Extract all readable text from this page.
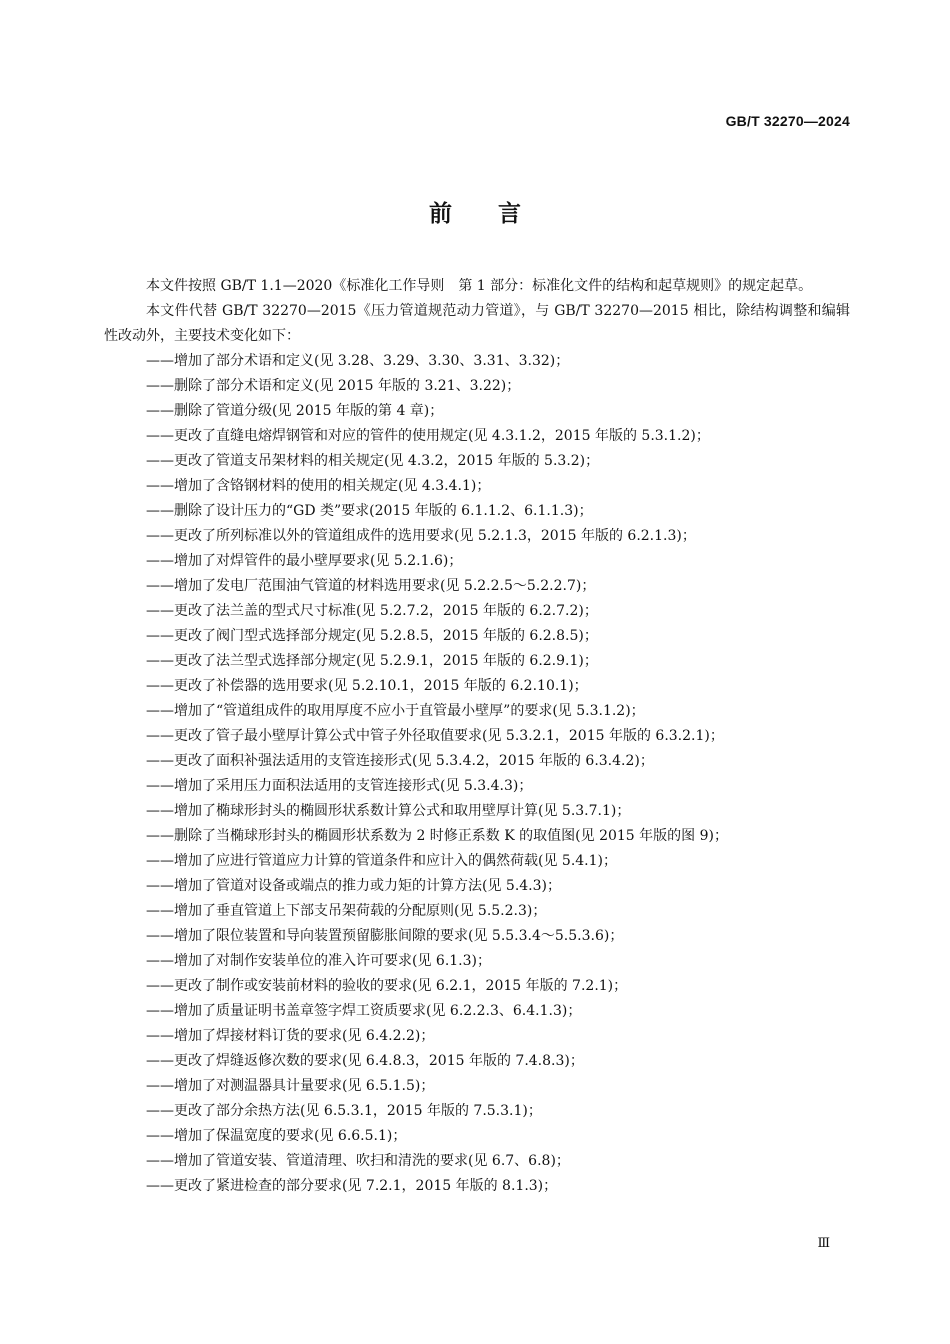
GB/T 32270—2024
前言

本文件按照 GB/T 1.1—2020《标准化工作导则　第 1 部分：标准化文件的结构和起草规则》的规定起草。

本文件代替 GB/T 32270—2015《压力管道规范动力管道》，与 GB/T 32270—2015 相比，除结构调整和编辑性改动外，主要技术变化如下：

——增加了部分术语和定义(见 3.28、3.29、3.30、3.31、3.32)；

——删除了部分术语和定义(见 2015 年版的 3.21、3.22)；

——删除了管道分级(见 2015 年版的第 4 章)；

——更改了直缝电熔焊钢管和对应的管件的使用规定(见 4.3.1.2，2015 年版的 5.3.1.2)；

——更改了管道支吊架材料的相关规定(见 4.3.2，2015 年版的 5.3.2)；

——增加了含铬钢材料的使用的相关规定(见 4.3.4.1)；

——删除了设计压力的“GD 类”要求(2015 年版的 6.1.1.2、6.1.1.3)；

——更改了所列标准以外的管道组成件的选用要求(见 5.2.1.3，2015 年版的 6.2.1.3)；

——增加了对焊管件的最小壁厚要求(见 5.2.1.6)；

——增加了发电厂范围油气管道的材料选用要求(见 5.2.2.5～5.2.2.7)；

——更改了法兰盖的型式尺寸标准(见 5.2.7.2，2015 年版的 6.2.7.2)；

——更改了阀门型式选择部分规定(见 5.2.8.5，2015 年版的 6.2.8.5)；

——更改了法兰型式选择部分规定(见 5.2.9.1，2015 年版的 6.2.9.1)；

——更改了补偿器的选用要求(见 5.2.10.1，2015 年版的 6.2.10.1)；

——增加了“管道组成件的取用厚度不应小于直管最小壁厚”的要求(见 5.3.1.2)；

——更改了管子最小壁厚计算公式中管子外径取值要求(见 5.3.2.1，2015 年版的 6.3.2.1)；

——更改了面积补强法适用的支管连接形式(见 5.3.4.2，2015 年版的 6.3.4.2)；

——增加了采用压力面积法适用的支管连接形式(见 5.3.4.3)；

——增加了椭球形封头的椭圆形状系数计算公式和取用壁厚计算(见 5.3.7.1)；

——删除了当椭球形封头的椭圆形状系数为 2 时修正系数 K 的取值图(见 2015 年版的图 9)；

——增加了应进行管道应力计算的管道条件和应计入的偶然荷载(见 5.4.1)；

——增加了管道对设备或端点的推力或力矩的计算方法(见 5.4.3)；

——增加了垂直管道上下部支吊架荷载的分配原则(见 5.5.2.3)；

——增加了限位装置和导向装置预留膨胀间隙的要求(见 5.5.3.4～5.5.3.6)；

——增加了对制作安装单位的准入许可要求(见 6.1.3)；

——更改了制作或安装前材料的验收的要求(见 6.2.1，2015 年版的 7.2.1)；

——增加了质量证明书盖章签字焊工资质要求(见 6.2.2.3、6.4.1.3)；

——增加了焊接材料订货的要求(见 6.4.2.2)；

——更改了焊缝返修次数的要求(见 6.4.8.3，2015 年版的 7.4.8.3)；

——增加了对测温器具计量要求(见 6.5.1.5)；

——更改了部分余热方法(见 6.5.3.1，2015 年版的 7.5.3.1)；

——增加了保温宽度的要求(见 6.6.5.1)；

——增加了管道安装、管道清理、吹扫和清洗的要求(见 6.7、6.8)；

——更改了紧进检查的部分要求(见 7.2.1，2015 年版的 8.1.3)；

Ⅲ
